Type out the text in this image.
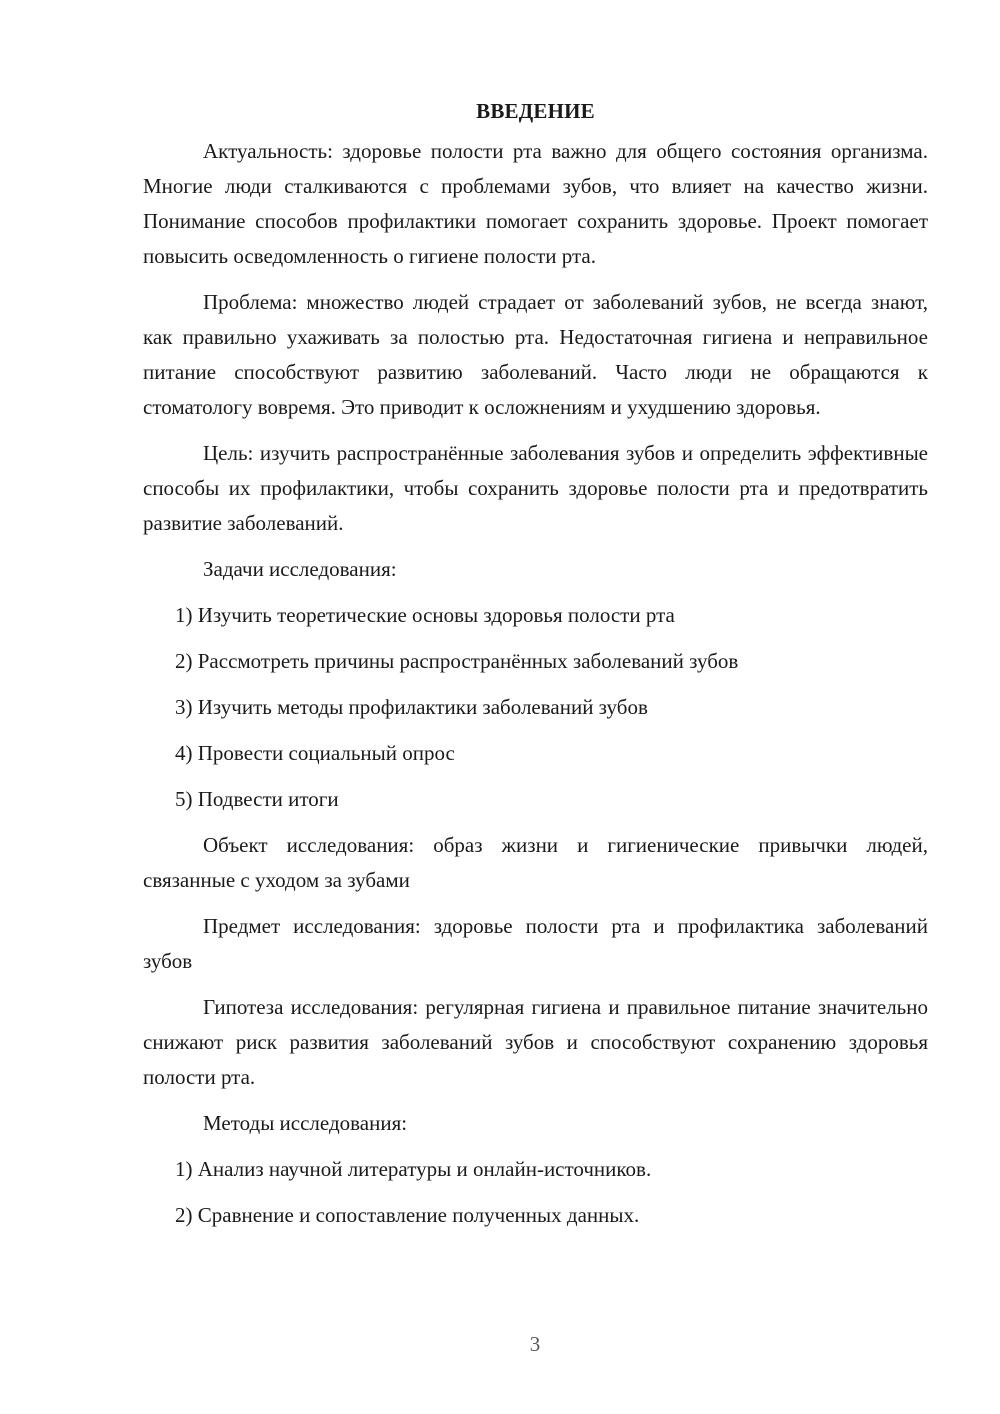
ВВЕДЕНИЕ

Актуальность: здоровье полости рта важно для общего состояния организма. Многие люди сталкиваются с проблемами зубов, что влияет на качество жизни. Понимание способов профилактики помогает сохранить здоровье. Проект помогает повысить осведомленность о гигиене полости рта.

Проблема: множество людей страдает от заболеваний зубов, не всегда знают, как правильно ухаживать за полостью рта. Недостаточная гигиена и неправильное питание способствуют развитию заболеваний. Часто люди не обращаются к стоматологу вовремя. Это приводит к осложнениям и ухудшению здоровья.

Цель: изучить распространённые заболевания зубов и определить эффективные способы их профилактики, чтобы сохранить здоровье полости рта и предотвратить развитие заболеваний.

Задачи исследования:
1) Изучить теоретические основы здоровья полости рта
2) Рассмотреть причины распространённых заболеваний зубов
3) Изучить методы профилактики заболеваний зубов
4) Провести социальный опрос
5) Подвести итоги

Объект исследования: образ жизни и гигиенические привычки людей, связанные с уходом за зубами

Предмет исследования: здоровье полости рта и профилактика заболеваний зубов

Гипотеза исследования: регулярная гигиена и правильное питание значительно снижают риск развития заболеваний зубов и способствуют сохранению здоровья полости рта.

Методы исследования:
1) Анализ научной литературы и онлайн-источников.
2) Сравнение и сопоставление полученных данных.
3
